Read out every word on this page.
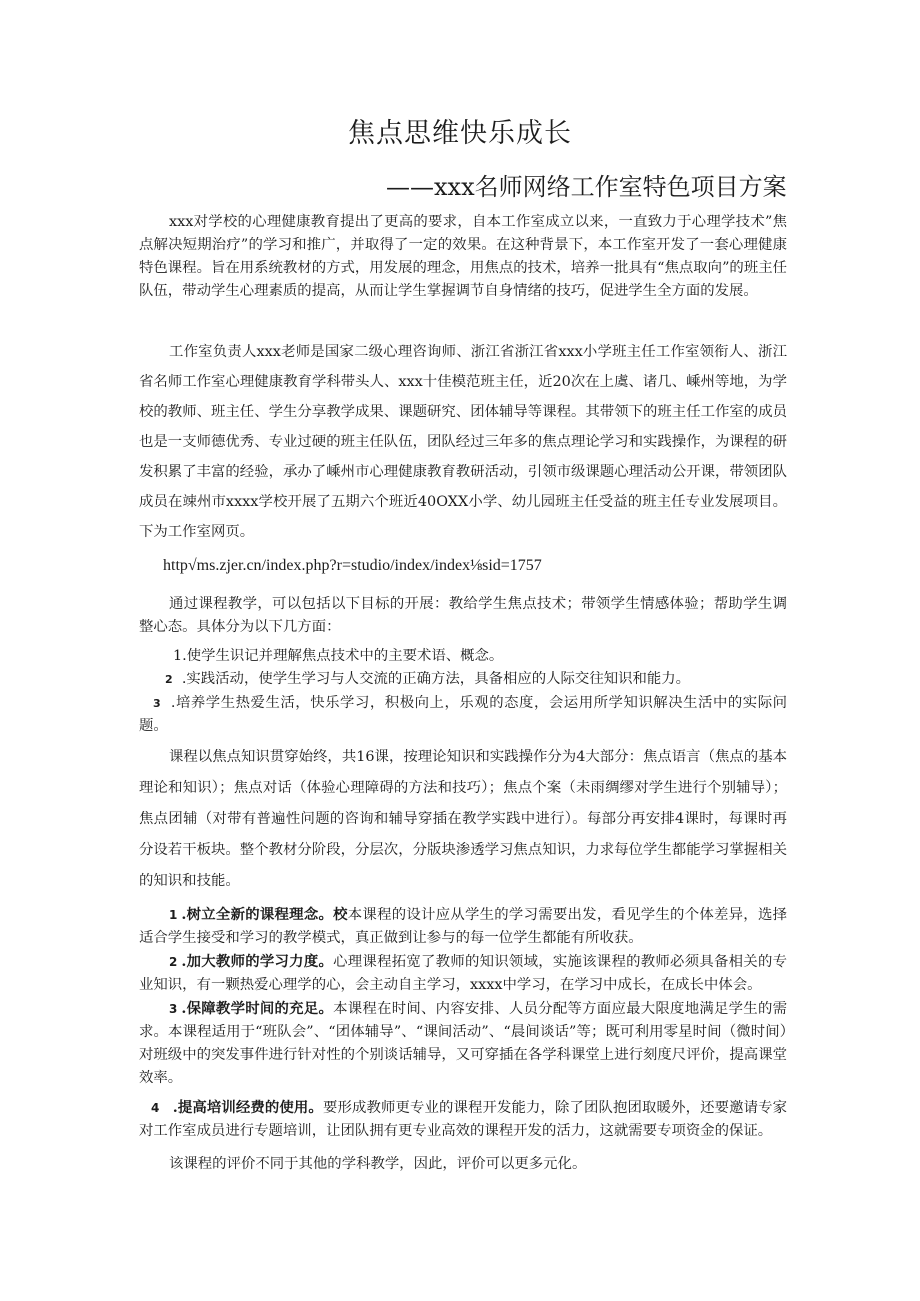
焦点思维快乐成长
——xxx名师网络工作室特色项目方案

xxx对学校的心理健康教育提出了更高的要求，自本工作室成立以来，一直致力于心理学技术”焦点解决短期治疗”的学习和推广，并取得了一定的效果。在这种背景下，本工作室开发了一套心理健康特色课程。旨在用系统教材的方式，用发展的理念，用焦点的技术，培养一批具有“焦点取向”的班主任队伍，带动学生心理素质的提高，从而让学生掌握调节自身情绪的技巧，促进学生全方面的发展。

工作室负责人xxx老师是国家二级心理咨询师、浙江省浙江省xxx小学班主任工作室领衔人、浙江省名师工作室心理健康教育学科带头人、xxx十佳模范班主任，近20次在上虞、诸几、嵊州等地，为学校的教师、班主任、学生分享教学成果、课题研究、团体辅导等课程。其带领下的班主任工作室的成员也是一支师德优秀、专业过硬的班主任队伍，团队经过三年多的焦点理论学习和实践操作，为课程的研发积累了丰富的经验，承办了嵊州市心理健康教育教研活动，引领市级课题心理活动公开课，带领团队成员在竦州市xxxx学校开展了五期六个班近40OXX小学、幼儿园班主任受益的班主任专业发展项目。下为工作室网页。

http√ms.zjer.cn/index.php?r=studio/index/index⅛sid=1757

通过课程教学，可以包括以下目标的开展：教给学生焦点技术；带领学生情感体验；帮助学生调整心态。具体分为以下几方面：

1.使学生识记并理解焦点技术中的主要术语、概念。

2 .实践活动，使学生学习与人交流的正确方法，具备相应的人际交往知识和能力。

3 .培养学生热爱生活，快乐学习，积极向上，乐观的态度，会运用所学知识解决生活中的实际问题。

课程以焦点知识贯穿始终，共16课，按理论知识和实践操作分为4大部分：焦点语言（焦点的基本理论和知识）；焦点对话（体验心理障碍的方法和技巧）；焦点个案（未雨绸缪对学生进行个别辅导）；焦点团辅（对带有普遍性问题的咨询和辅导穿插在教学实践中进行）。每部分再安排4课时，每课时再分设若干板块。整个教材分阶段，分层次，分版块渗透学习焦点知识，力求每位学生都能学习掌握相关的知识和技能。

1 .树立全新的课程理念。校本课程的设计应从学生的学习需要出发，看见学生的个体差异，选择适合学生接受和学习的教学模式，真正做到让参与的每一位学生都能有所收获。

2 .加大教师的学习力度。心理课程拓宽了教师的知识领域，实施该课程的教师必须具备相关的专业知识，有一颗热爱心理学的心，会主动自主学习，xxxx中学习，在学习中成长，在成长中体会。

3 .保障教学时间的充足。本课程在时间、内容安排、人员分配等方面应最大限度地满足学生的需求。本课程适用于“班队会”、“团体辅导”、“课间活动”、“晨间谈话”等；既可利用零星时间（微时间）对班级中的突发事件进行针对性的个别谈话辅导，又可穿插在各学科课堂上进行刻度尺评价，提高课堂效率。

4 .提高培训经费的使用。要形成教师更专业的课程开发能力，除了团队抱团取暖外，还要邀请专家对工作室成员进行专题培训，让团队拥有更专业高效的课程开发的活力，这就需要专项资金的保证。

该课程的评价不同于其他的学科教学，因此，评价可以更多元化。
